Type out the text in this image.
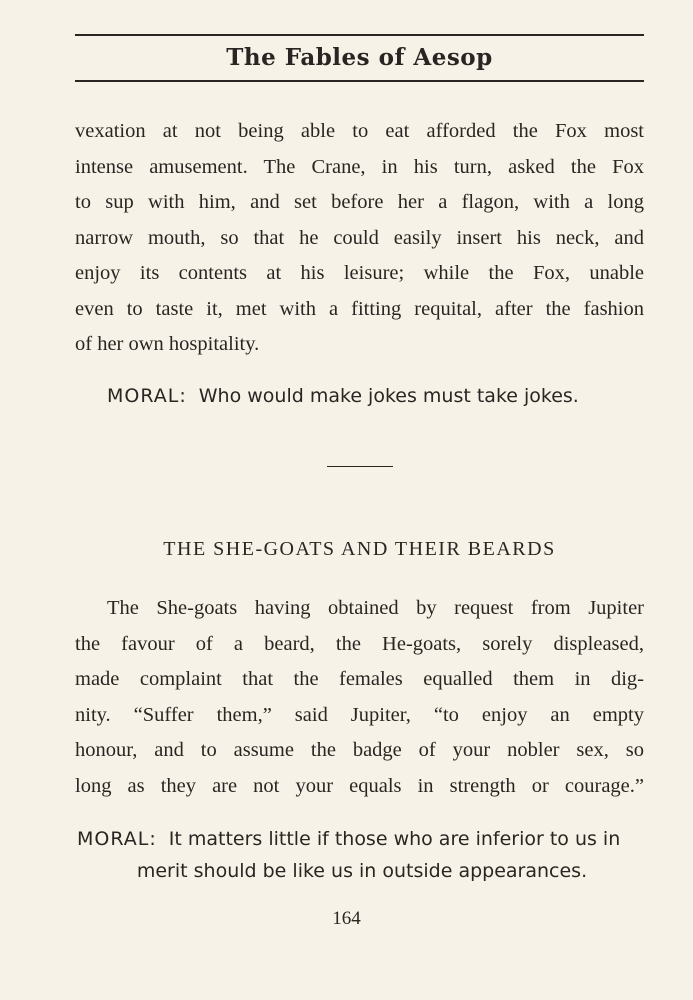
The Fables of Aesop

vexation at not being able to eat afforded the Fox most
intense amusement. The Crane, in his turn, asked the Fox
to sup with him, and set before her a flagon, with a long
narrow mouth, so that he could easily insert his neck, and
enjoy its contents at his leisure; while the Fox, unable
even to taste it, met with a fitting requital, after the fashion
of her own hospitality.

MORAL: Who would make jokes must take jokes.

THE SHE-GOATS AND THEIR BEARDS

The She-goats having obtained by request from Jupiter
the favour of a beard, the He-goats, sorely displeased,
made complaint that the females equalled them in dig-
nity. “Suffer them,” said Jupiter, “to enjoy an empty
honour, and to assume the badge of your nobler sex, so
long as they are not your equals in strength or courage.”

MORAL: It matters little if those who are inferior to us in
merit should be like us in outside appearances.
164
